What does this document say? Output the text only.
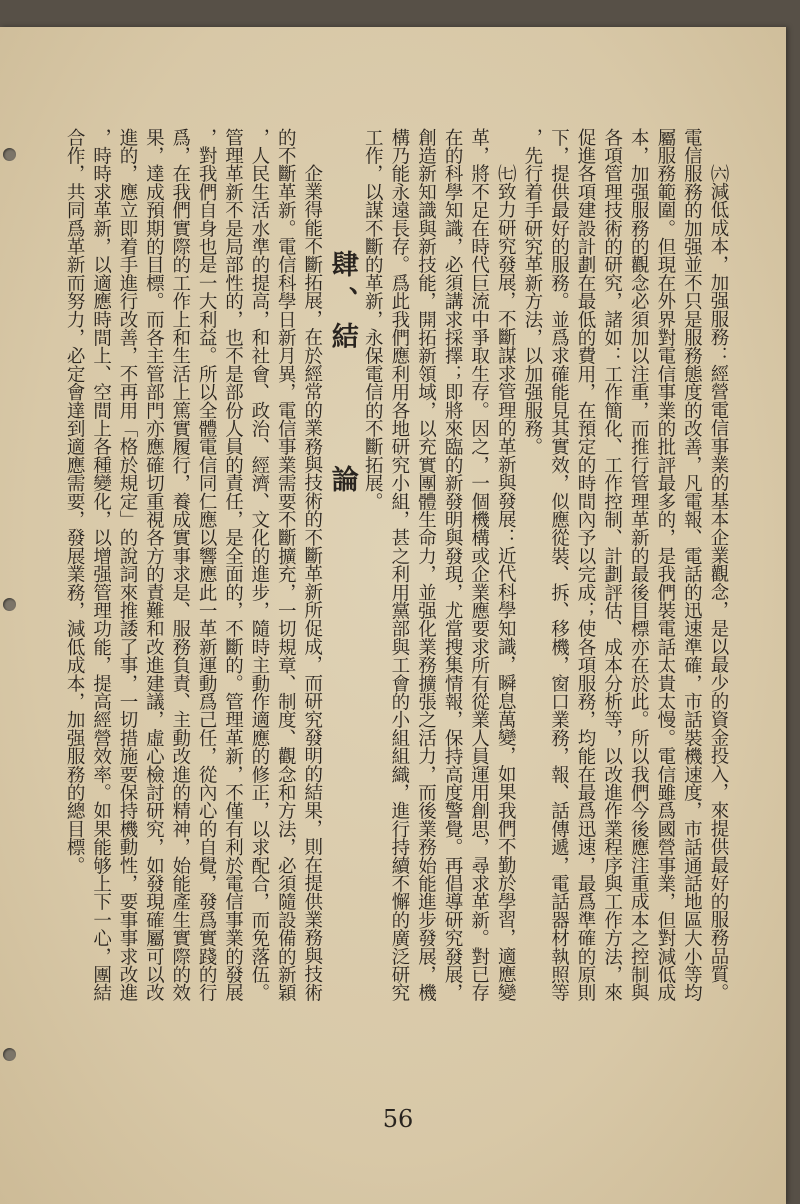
㈥減低成本，加强服務：經營電信事業的基本企業觀念，是以最少的資金投入，來提供最好的服務品質。
電信服務的加强並不只是服務態度的改善，凡電報、電話的迅速準確，市話裝機速度，市話通話地區大小等均
屬服務範圍。但現在外界對電信事業的批評最多的，是我們裝電話太貴太慢。電信雖爲國營事業，但對減低成
本，加强服務的觀念必須加以注重，而推行管理革新的最後目標亦在於此。所以我們今後應注重成本之控制與
各項管理技術的研究，諸如：工作簡化、工作控制、計劃評估、成本分析等，以改進作業程序與工作方法，來
促進各項建設計劃在最低的費用，在預定的時間內予以完成；使各項服務，均能在最爲迅速，最爲準確的原則
下，提供最好的服務。並爲求確能見其實效，似應從裝、拆、移機，窗口業務，報、話傳遞，電話器材執照等
，先行着手研究革新方法，以加强服務。
㈦致力研究發展，不斷謀求管理的革新與發展：近代科學知識，瞬息萬變，如果我們不勤於學習，適應變
革，將不足在時代巨流中爭取生存。因之，一個機構或企業應要求所有從業人員運用創思，尋求革新。對已存
在的科學知識，必須講求採擇；即將來臨的新發明與發現，尤當搜集情報，保持高度警覺。再倡導研究發展，
創造新知識與新技能，開拓新領域，以充實團體生命力，並强化業務擴張之活力，而後業務始能進步發展，機
構乃能永遠長存。爲此我們應利用各地研究小組，甚之利用黨部與工會的小組組織，進行持續不懈的廣泛研究
工作，以謀不斷的革新，永保電信的不斷拓展。
肆、結論
企業得能不斷拓展，在於經常的業務與技術的不斷革新所促成，而研究發明的結果，則在提供業務與技術
的不斷革新。電信科學日新月異，電信事業需要不斷擴充，一切規章、制度、觀念和方法，必須隨設備的新穎
，人民生活水準的提高，和社會、政治、經濟、文化的進步，隨時主動作適應的修正，以求配合，而免落伍。
管理革新不是局部性的，也不是部份人員的責任，是全面的，不斷的。管理革新，不僅有利於電信事業的發展
，對我們自身也是一大利益。所以全體電信同仁應以響應此一革新運動爲己任，從內心的自覺，發爲實踐的行
爲，在我們實際的工作上和生活上篤實履行，養成實事求是、服務負責、主動改進的精神，始能產生實際的效
果，達成預期的目標。而各主管部門亦應確切重視各方的責難和改進建議，虛心檢討研究，如發現確屬可以改
進的，應立即着手進行改善，不再用「格於規定」的說詞來推諉了事，一切措施要保持機動性，要事事求改進
，時時求革新，以適應時間上、空間上各種變化，以增强管理功能，提高經營效率。如果能够上下一心，團結
合作，共同爲革新而努力，必定會達到適應需要，發展業務，減低成本，加强服務的總目標。
56
